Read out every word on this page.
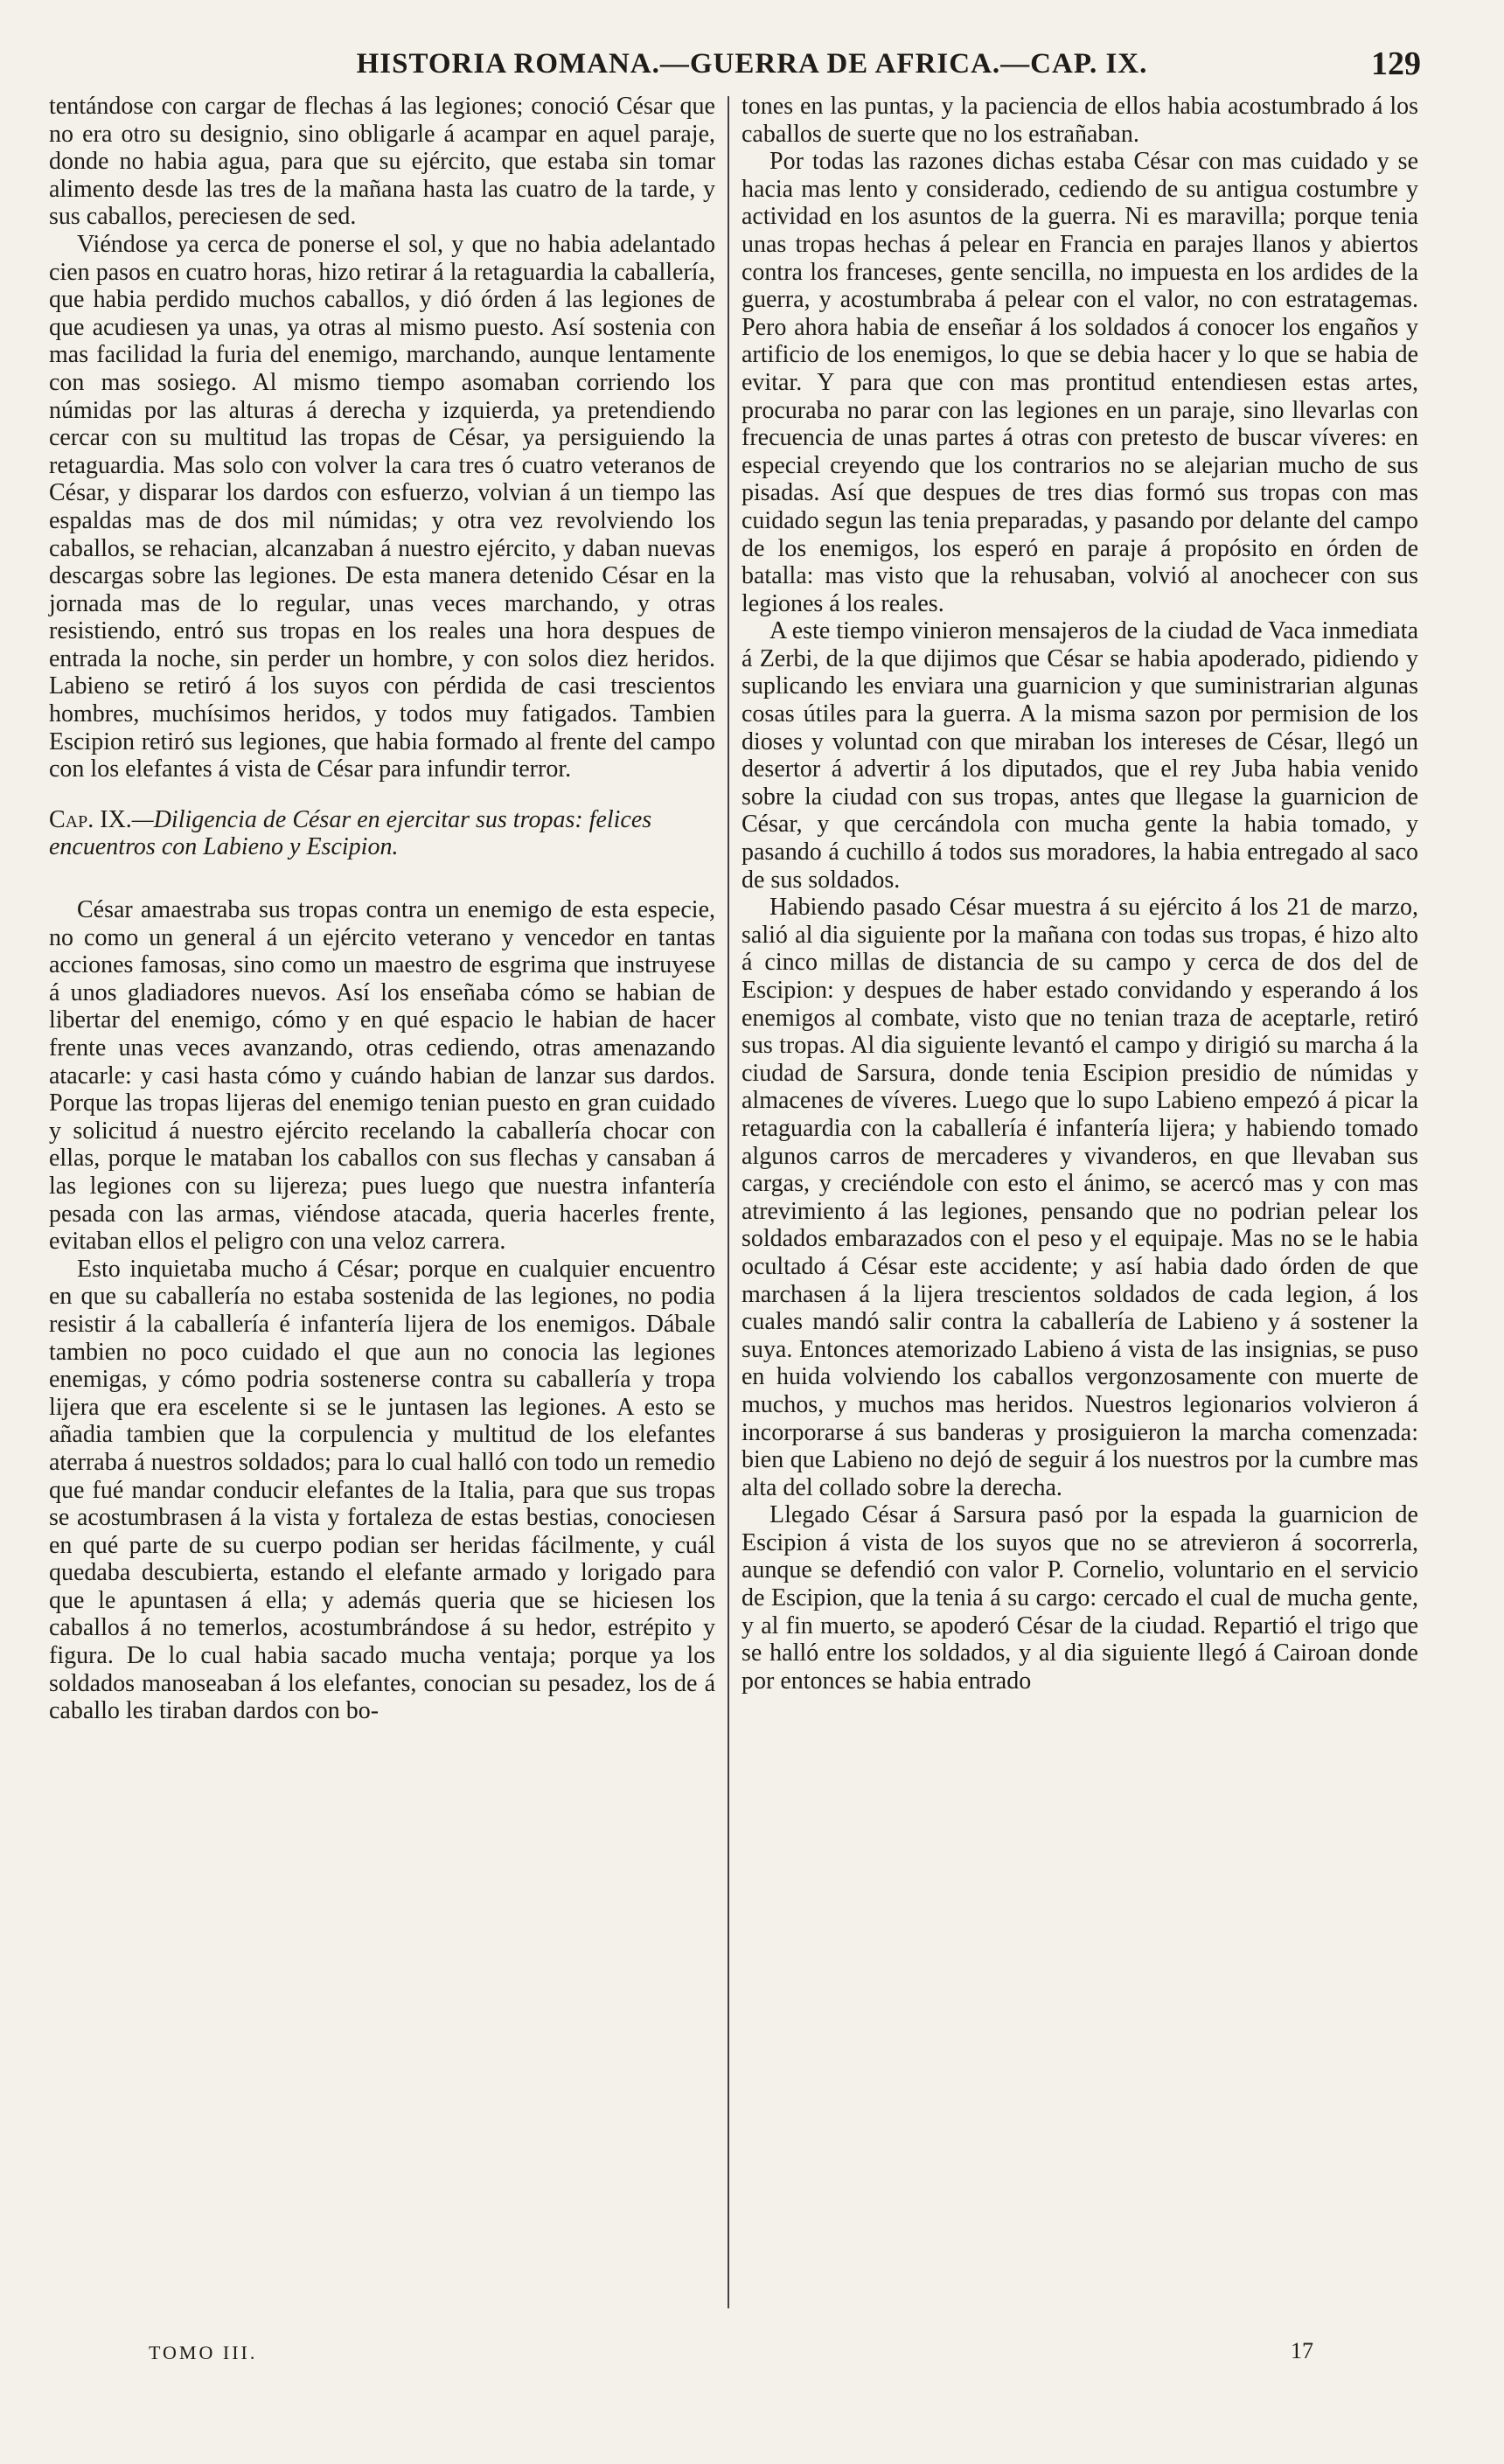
HISTORIA ROMANA.—GUERRA DE AFRICA.—CAP. IX.	129

tentándose con cargar de flechas á las legiones; conoció César que no era otro su designio, sino obligarle á acampar en aquel paraje, donde no habia agua, para que su ejército, que estaba sin tomar alimento desde las tres de la mañana hasta las cuatro de la tarde, y sus caballos, pereciesen de sed.

Viéndose ya cerca de ponerse el sol, y que no habia adelantado cien pasos en cuatro horas, hizo retirar á la retaguardia la caballería, que habia perdido muchos caballos, y dió órden á las legiones de que acudiesen ya unas, ya otras al mismo puesto. Así sostenia con mas facilidad la furia del enemigo, marchando, aunque lentamente con mas sosiego. Al mismo tiempo asomaban corriendo los númidas por las alturas á derecha y izquierda, ya pretendiendo cercar con su multitud las tropas de César, ya persiguiendo la retaguardia. Mas solo con volver la cara tres ó cuatro veteranos de César, y disparar los dardos con esfuerzo, volvian á un tiempo las espaldas mas de dos mil númidas; y otra vez revolviendo los caballos, se rehacian, alcanzaban á nuestro ejército, y daban nuevas descargas sobre las legiones. De esta manera detenido César en la jornada mas de lo regular, unas veces marchando, y otras resistiendo, entró sus tropas en los reales una hora despues de entrada la noche, sin perder un hombre, y con solos diez heridos. Labieno se retiró á los suyos con pérdida de casi trescientos hombres, muchísimos heridos, y todos muy fatigados. Tambien Escipion retiró sus legiones, que habia formado al frente del campo con los elefantes á vista de César para infundir terror.

Cap. IX.—Diligencia de César en ejercitar sus tropas: felices encuentros con Labieno y Escipion.

César amaestraba sus tropas contra un enemigo de esta especie, no como un general á un ejército veterano y vencedor en tantas acciones famosas, sino como un maestro de esgrima que instruyese á unos gladiadores nuevos. Así los enseñaba cómo se habian de libertar del enemigo, cómo y en qué espacio le habian de hacer frente unas veces avanzando, otras cediendo, otras amenazando atacarle: y casi hasta cómo y cuándo habian de lanzar sus dardos. Porque las tropas lijeras del enemigo tenian puesto en gran cuidado y solicitud á nuestro ejército recelando la caballería chocar con ellas, porque le mataban los caballos con sus flechas y cansaban á las legiones con su lijereza; pues luego que nuestra infantería pesada con las armas, viéndose atacada, queria hacerles frente, evitaban ellos el peligro con una veloz carrera.

Esto inquietaba mucho á César; porque en cualquier encuentro en que su caballería no estaba sostenida de las legiones, no podia resistir á la caballería é infantería lijera de los enemigos. Dábale tambien no poco cuidado el que aun no conocia las legiones enemigas, y cómo podria sostenerse contra su caballería y tropa lijera que era escelente si se le juntasen las legiones. A esto se añadia tambien que la corpulencia y multitud de los elefantes aterraba á nuestros soldados; para lo cual halló con todo un remedio que fué mandar conducir elefantes de la Italia, para que sus tropas se acostumbrasen á la vista y fortaleza de estas bestias, conociesen en qué parte de su cuerpo podian ser heridas fácilmente, y cuál quedaba descubierta, estando el elefante armado y lorigado para que le apuntasen á ella; y además queria que se hiciesen los caballos á no temerlos, acostumbrándose á su hedor, estrépito y figura. De lo cual habia sacado mucha ventaja; porque ya los soldados manoseaban á los elefantes, conocian su pesadez, los de á caballo les tiraban dardos con bo-

tones en las puntas, y la paciencia de ellos habia acostumbrado á los caballos de suerte que no los estrañaban.

Por todas las razones dichas estaba César con mas cuidado y se hacia mas lento y considerado, cediendo de su antigua costumbre y actividad en los asuntos de la guerra. Ni es maravilla; porque tenia unas tropas hechas á pelear en Francia en parajes llanos y abiertos contra los franceses, gente sencilla, no impuesta en los ardides de la guerra, y acostumbraba á pelear con el valor, no con estratagemas. Pero ahora habia de enseñar á los soldados á conocer los engaños y artificio de los enemigos, lo que se debia hacer y lo que se habia de evitar. Y para que con mas prontitud entendiesen estas artes, procuraba no parar con las legiones en un paraje, sino llevarlas con frecuencia de unas partes á otras con pretesto de buscar víveres: en especial creyendo que los contrarios no se alejarian mucho de sus pisadas. Así que despues de tres dias formó sus tropas con mas cuidado segun las tenia preparadas, y pasando por delante del campo de los enemigos, los esperó en paraje á propósito en órden de batalla: mas visto que la rehusaban, volvió al anochecer con sus legiones á los reales.

A este tiempo vinieron mensajeros de la ciudad de Vaca inmediata á Zerbi, de la que dijimos que César se habia apoderado, pidiendo y suplicando les enviara una guarnicion y que suministrarian algunas cosas útiles para la guerra. A la misma sazon por permision de los dioses y voluntad con que miraban los intereses de César, llegó un desertor á advertir á los diputados, que el rey Juba habia venido sobre la ciudad con sus tropas, antes que llegase la guarnicion de César, y que cercándola con mucha gente la habia tomado, y pasando á cuchillo á todos sus moradores, la habia entregado al saco de sus soldados.

Habiendo pasado César muestra á su ejército á los 21 de marzo, salió al dia siguiente por la mañana con todas sus tropas, é hizo alto á cinco millas de distancia de su campo y cerca de dos del de Escipion: y despues de haber estado convidando y esperando á los enemigos al combate, visto que no tenian traza de aceptarle, retiró sus tropas. Al dia siguiente levantó el campo y dirigió su marcha á la ciudad de Sarsura, donde tenia Escipion presidio de númidas y almacenes de víveres. Luego que lo supo Labieno empezó á picar la retaguardia con la caballería é infantería lijera; y habiendo tomado algunos carros de mercaderes y vivanderos, en que llevaban sus cargas, y creciéndole con esto el ánimo, se acercó mas y con mas atrevimiento á las legiones, pensando que no podrian pelear los soldados embarazados con el peso y el equipaje. Mas no se le habia ocultado á César este accidente; y así habia dado órden de que marchasen á la lijera trescientos soldados de cada legion, á los cuales mandó salir contra la caballería de Labieno y á sostener la suya. Entonces atemorizado Labieno á vista de las insignias, se puso en huida volviendo los caballos vergonzosamente con muerte de muchos, y muchos mas heridos. Nuestros legionarios volvieron á incorporarse á sus banderas y prosiguieron la marcha comenzada: bien que Labieno no dejó de seguir á los nuestros por la cumbre mas alta del collado sobre la derecha.

Llegado César á Sarsura pasó por la espada la guarnicion de Escipion á vista de los suyos que no se atrevieron á socorrerla, aunque se defendió con valor P. Cornelio, voluntario en el servicio de Escipion, que la tenia á su cargo: cercado el cual de mucha gente, y al fin muerto, se apoderó César de la ciudad. Repartió el trigo que se halló entre los soldados, y al dia siguiente llegó á Cairoan donde por entonces se habia entrado

TOMO III.	17
